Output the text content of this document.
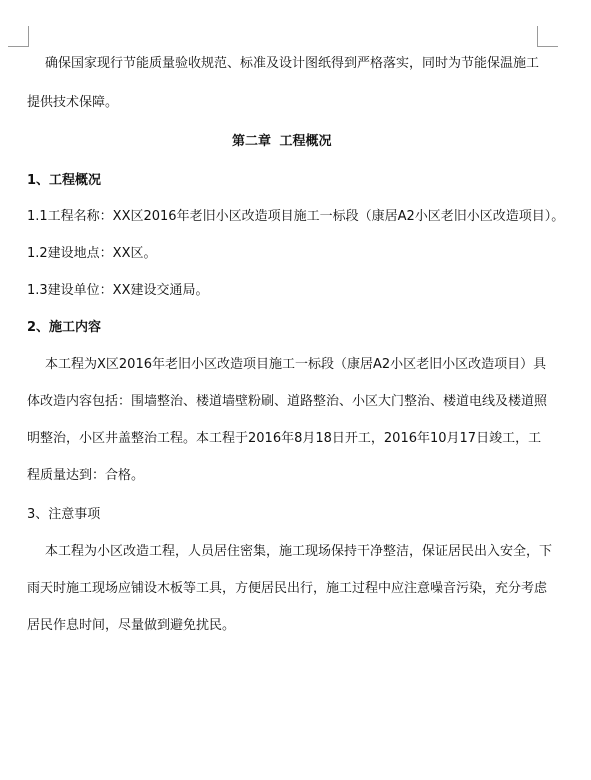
确保国家现行节能质量验收规范、标准及设计图纸得到严格落实，同时为节能保温施工
提供技术保障。
第二章 工程概况
1、工程概况
1.1工程名称：XX区2016年老旧小区改造项目施工一标段（康居A2小区老旧小区改造项目）。
1.2建设地点：XX区。
1.3建设单位：XX建设交通局。
2、施工内容
本工程为X区2016年老旧小区改造项目施工一标段（康居A2小区老旧小区改造项目）具
体改造内容包括：围墙整治、楼道墙壁粉刷、道路整治、小区大门整治、楼道电线及楼道照
明整治，小区井盖整治工程。本工程于2016年8月18日开工，2016年10月17日竣工，工
程质量达到：合格。
3、注意事项
本工程为小区改造工程，人员居住密集，施工现场保持干净整洁，保证居民出入安全，下
雨天时施工现场应铺设木板等工具，方便居民出行，施工过程中应注意噪音污染，充分考虑
居民作息时间，尽量做到避免扰民。
